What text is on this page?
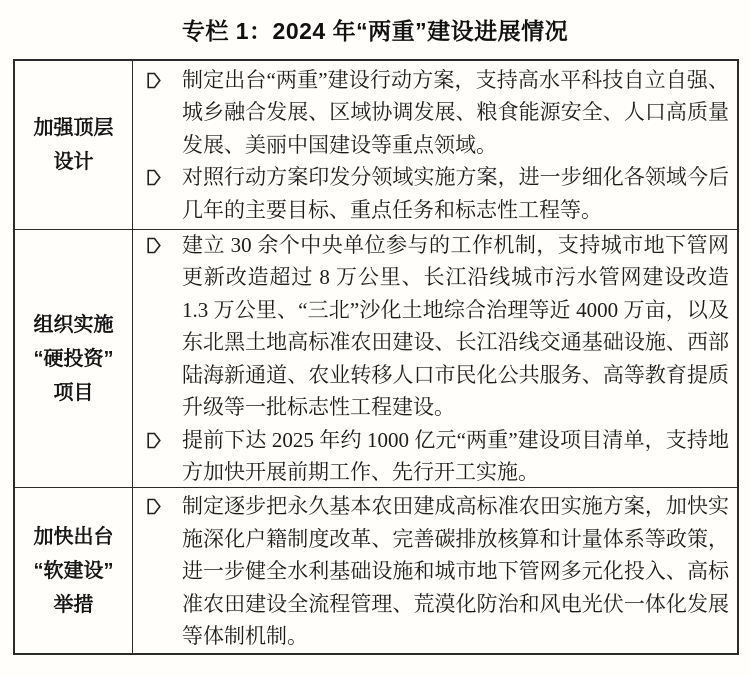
专栏 1：2024 年“两重”建设进展情况
加强顶层
设计
制定出台“两重”建设行动方案，支持高水平科技自立自强、城乡融合发展、区域协调发展、粮食能源安全、人口高质量发展、美丽中国建设等重点领域。
对照行动方案印发分领域实施方案，进一步细化各领域今后几年的主要目标、重点任务和标志性工程等。
组织实施
“硬投资”
项目
建立 30 余个中央单位参与的工作机制，支持城市地下管网更新改造超过 8 万公里、长江沿线城市污水管网建设改造 1.3 万公里、“三北”沙化土地综合治理等近 4000 万亩，以及东北黑土地高标准农田建设、长江沿线交通基础设施、西部陆海新通道、农业转移人口市民化公共服务、高等教育提质升级等一批标志性工程建设。
提前下达 2025 年约 1000 亿元“两重”建设项目清单，支持地方加快开展前期工作、先行开工实施。
加快出台
“软建设”
举措
制定逐步把永久基本农田建成高标准农田实施方案，加快实施深化户籍制度改革、完善碳排放核算和计量体系等政策，进一步健全水利基础设施和城市地下管网多元化投入、高标准农田建设全流程管理、荒漠化防治和风电光伏一体化发展等体制机制。
